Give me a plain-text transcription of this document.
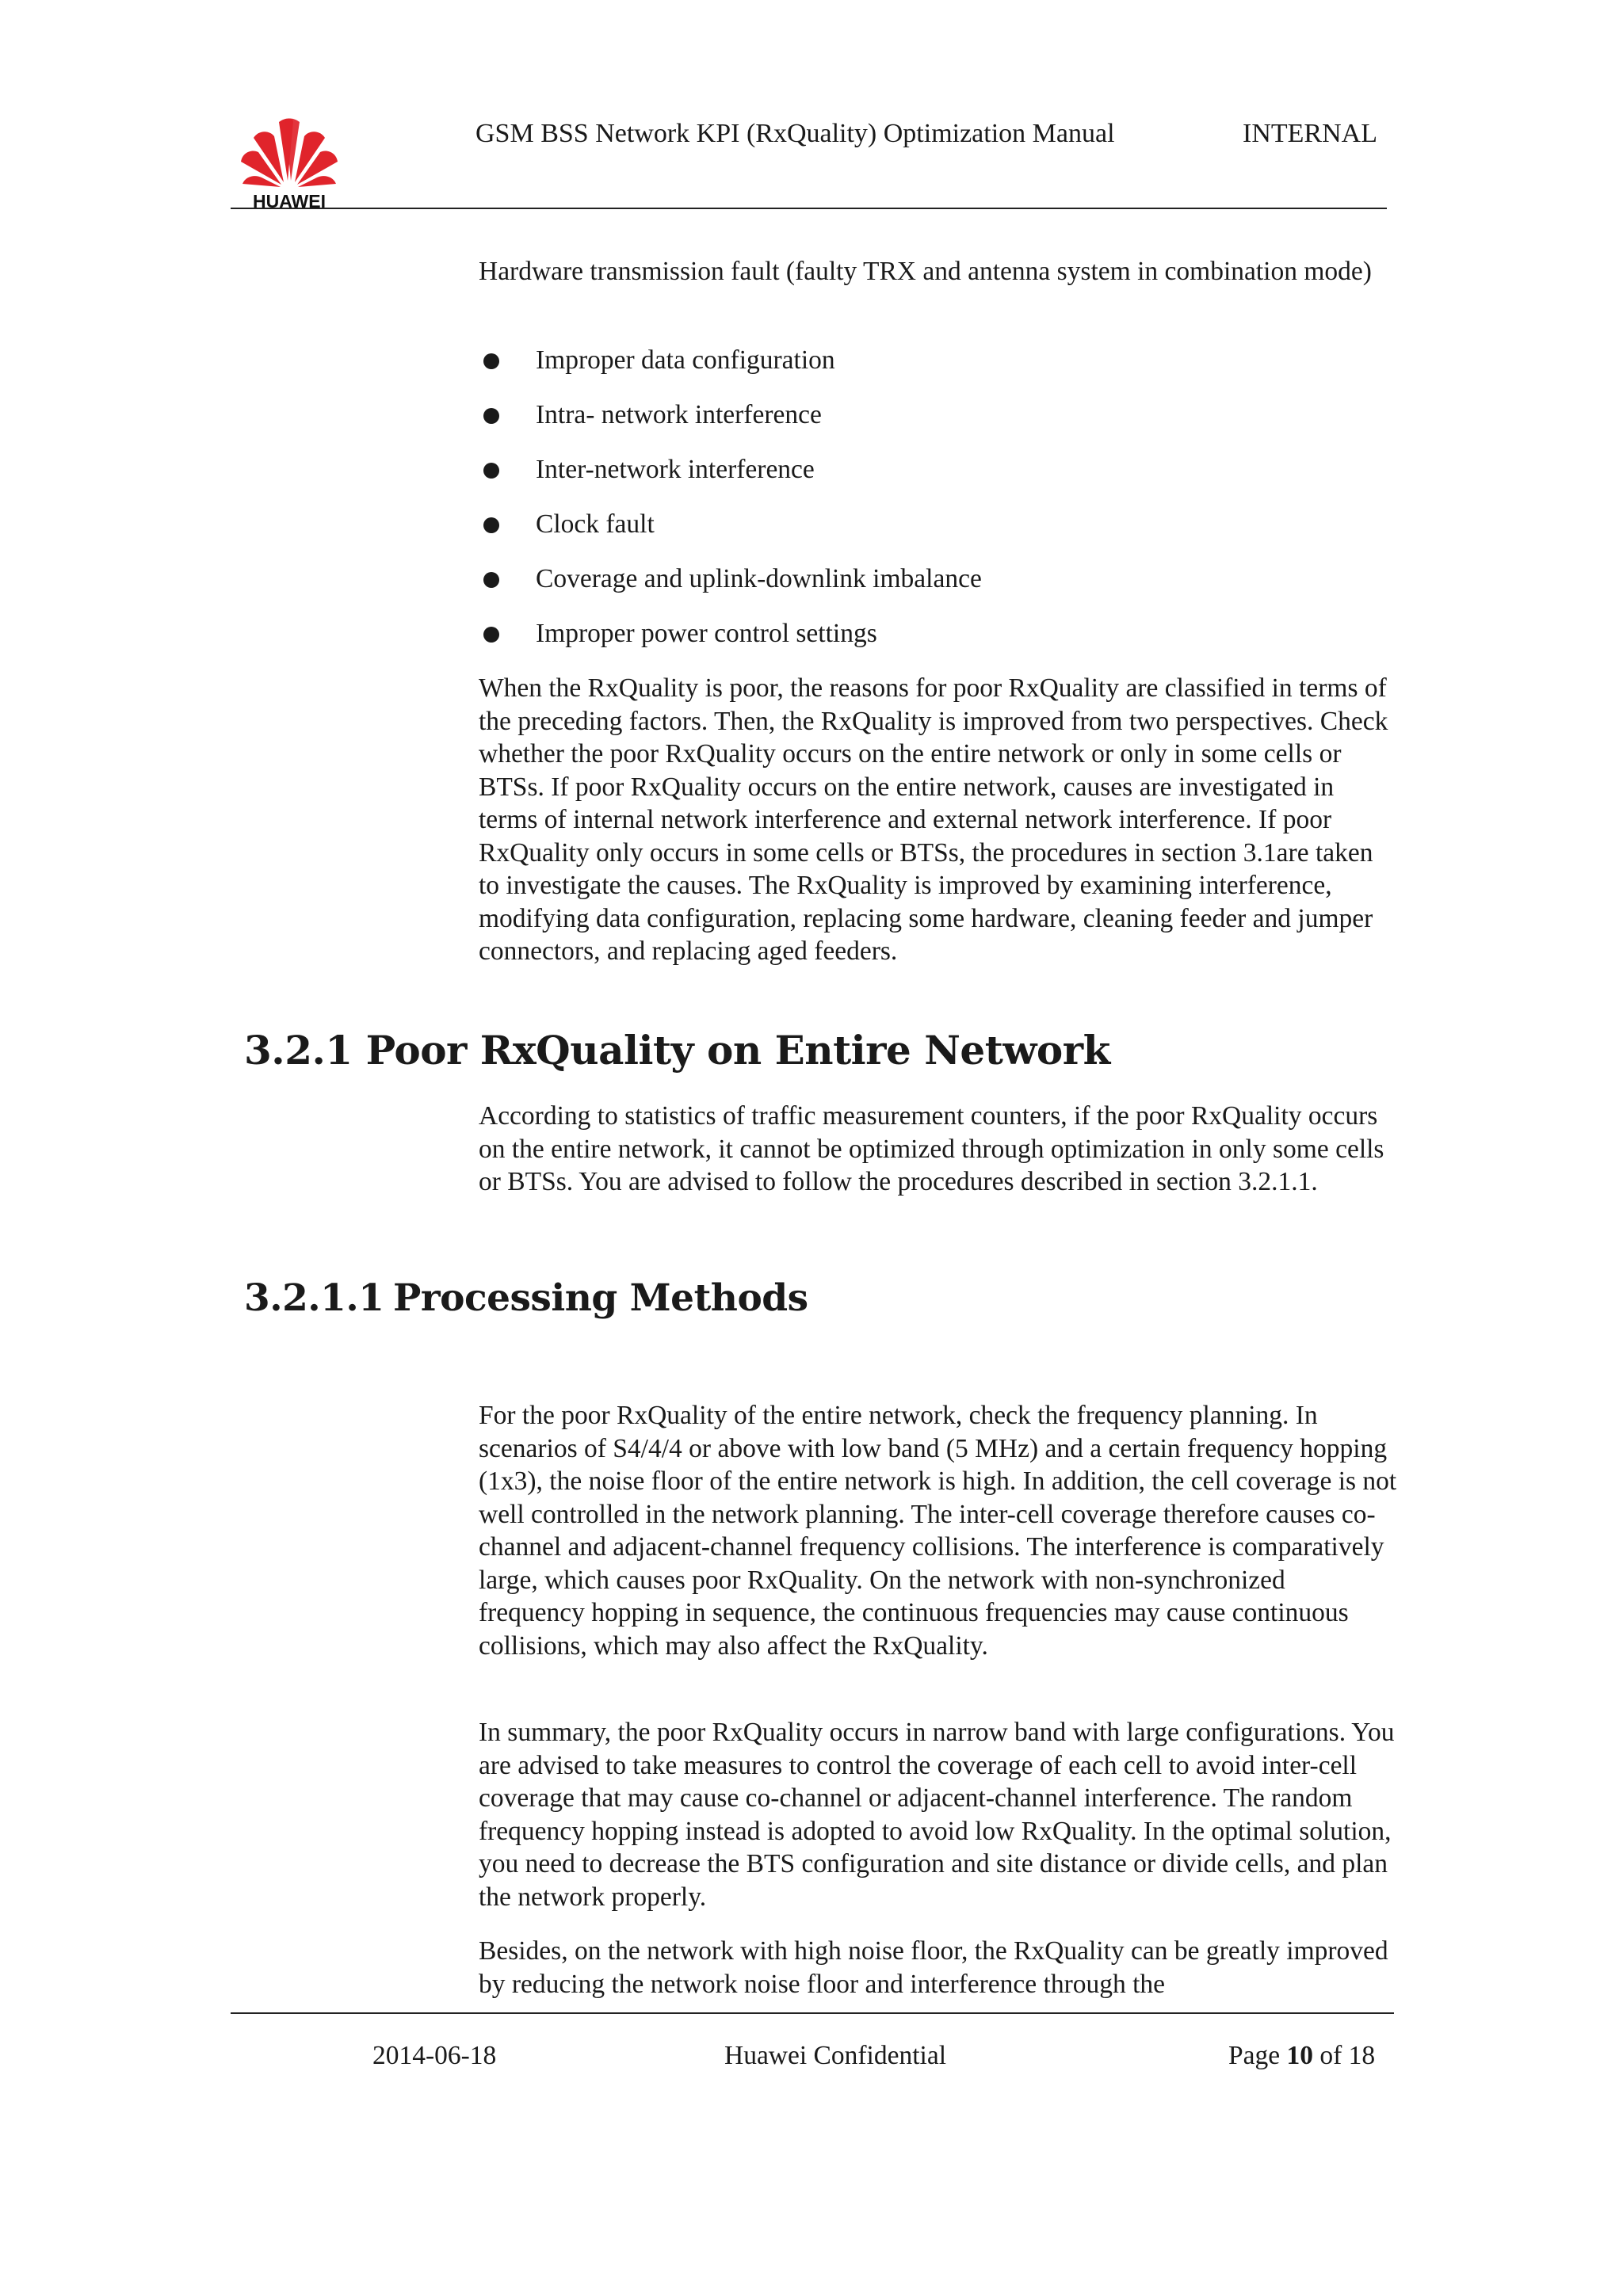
HUAWEI
GSM BSS Network KPI (RxQuality) Optimization Manual	INTERNAL

Hardware transmission fault (faulty TRX and antenna system in combination mode)

Improper data configuration
Intra- network interference
Inter-network interference
Clock fault
Coverage and uplink-downlink imbalance
Improper power control settings

When the RxQuality is poor, the reasons for poor RxQuality are classified in terms of the preceding factors. Then, the RxQuality is improved from two perspectives. Check whether the poor RxQuality occurs on the entire network or only in some cells or BTSs. If poor RxQuality occurs on the entire network, causes are investigated in terms of internal network interference and external network interference. If poor RxQuality only occurs in some cells or BTSs, the procedures in section 3.1are taken to investigate the causes. The RxQuality is improved by examining interference, modifying data configuration, replacing some hardware, cleaning feeder and jumper connectors, and replacing aged feeders.

3.2.1 Poor RxQuality on Entire Network

According to statistics of traffic measurement counters, if the poor RxQuality occurs on the entire network, it cannot be optimized through optimization in only some cells or BTSs. You are advised to follow the procedures described in section 3.2.1.1.

3.2.1.1 Processing Methods

For the poor RxQuality of the entire network, check the frequency planning. In scenarios of S4/4/4 or above with low band (5 MHz) and a certain frequency hopping (1x3), the noise floor of the entire network is high. In addition, the cell coverage is not well controlled in the network planning. The inter-cell coverage therefore causes co-channel and adjacent-channel frequency collisions. The interference is comparatively large, which causes poor RxQuality. On the network with non-synchronized frequency hopping in sequence, the continuous frequencies may cause continuous collisions, which may also affect the RxQuality.

In summary, the poor RxQuality occurs in narrow band with large configurations. You are advised to take measures to control the coverage of each cell to avoid inter-cell coverage that may cause co-channel or adjacent-channel interference. The random frequency hopping instead is adopted to avoid low RxQuality. In the optimal solution, you need to decrease the BTS configuration and site distance or divide cells, and plan the network properly.

Besides, on the network with high noise floor, the RxQuality can be greatly improved by reducing the network noise floor and interference through the

2014-06-18	Huawei Confidential	Page 10 of 18
